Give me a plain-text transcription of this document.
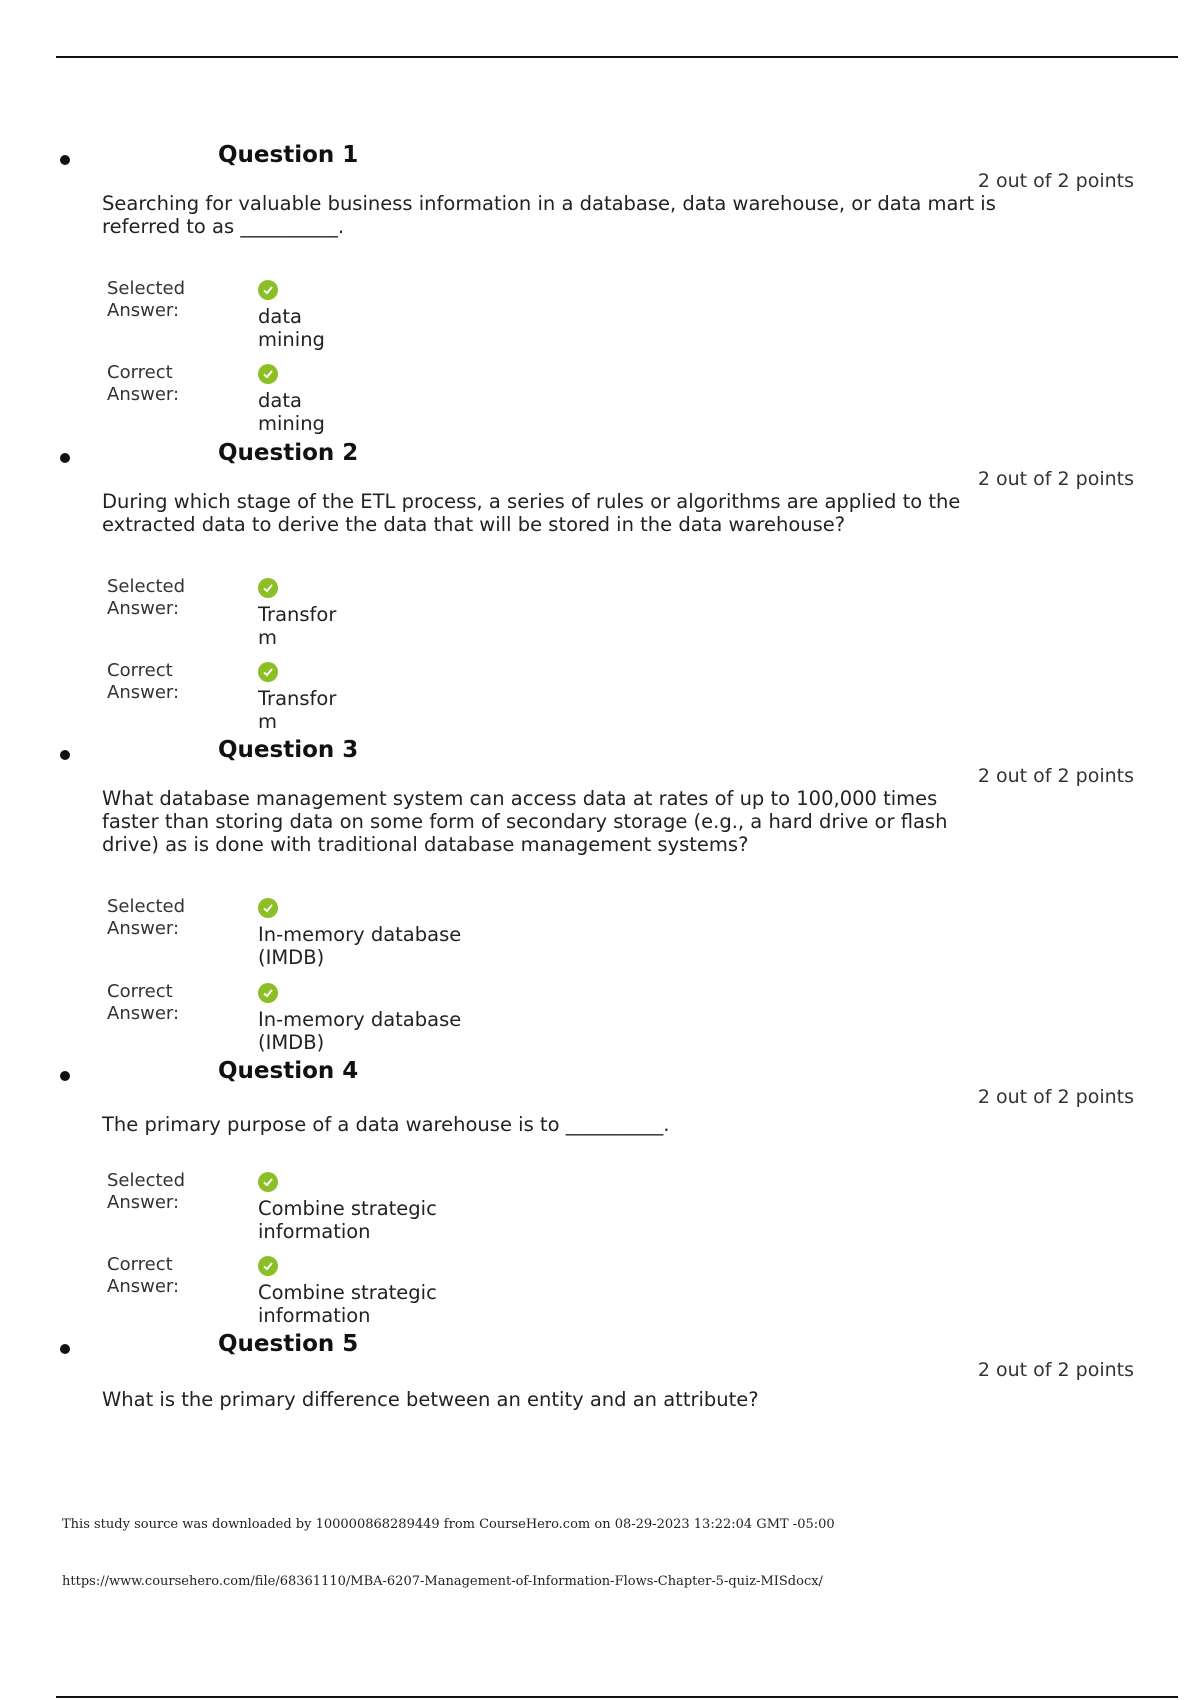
Question 1
2 out of 2 points
Searching for valuable business information in a database, data warehouse, or data mart is referred to as __________.
Selected Answer:	data mining
Correct Answer:	data mining
Question 2
2 out of 2 points
During which stage of the ETL process, a series of rules or algorithms are applied to the extracted data to derive the data that will be stored in the data warehouse?
Selected Answer:	Transform
Correct Answer:	Transform
Question 3
2 out of 2 points
What database management system can access data at rates of up to 100,000 times faster than storing data on some form of secondary storage (e.g., a hard drive or flash drive) as is done with traditional database management systems?
Selected Answer:	In-memory database (IMDB)
Correct Answer:	In-memory database (IMDB)
Question 4
2 out of 2 points
The primary purpose of a data warehouse is to __________.
Selected Answer:	Combine strategic information
Correct Answer:	Combine strategic information
Question 5
2 out of 2 points
What is the primary difference between an entity and an attribute?
This study source was downloaded by 100000868289449 from CourseHero.com on 08-29-2023 13:22:04 GMT -05:00
https://www.coursehero.com/file/68361110/MBA-6207-Management-of-Information-Flows-Chapter-5-quiz-MISdocx/
